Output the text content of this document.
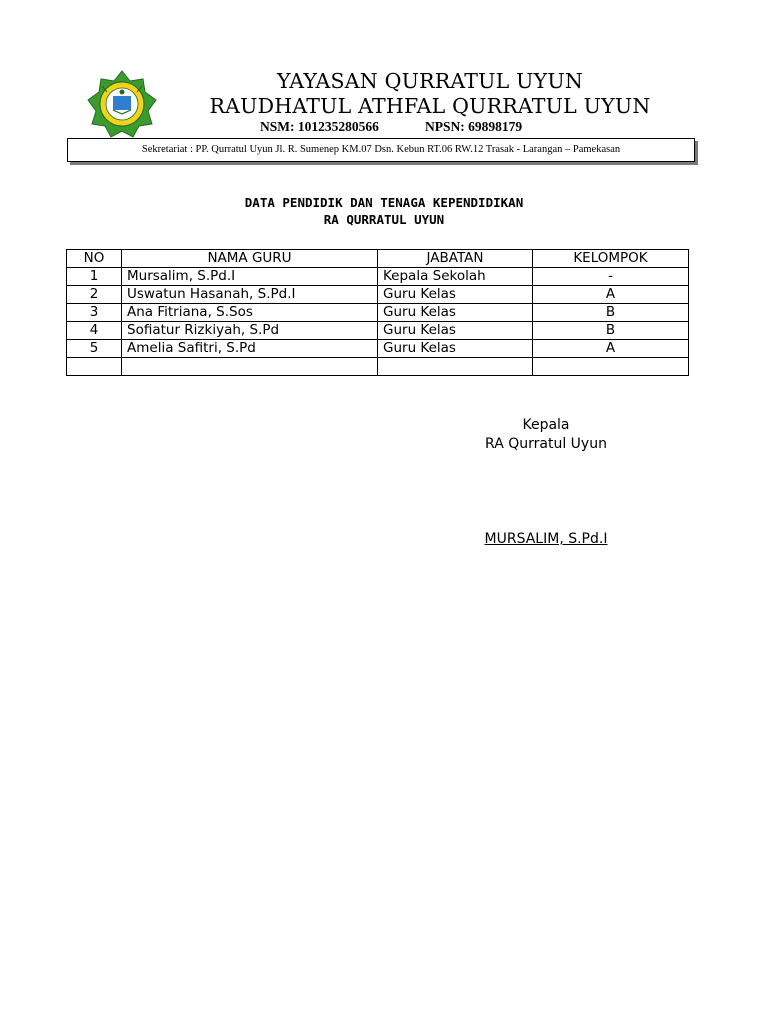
YAYASAN QURRATUL UYUN
RAUDHATUL ATHFAL QURRATUL UYUN
NSM: 101235280566	NPSN: 69898179
Sekretariat : PP. Qurratul Uyun Jl. R. Sumenep KM.07 Dsn. Kebun RT.06 RW.12 Trasak - Larangan – Pamekasan
DATA PENDIDIK DAN TENAGA KEPENDIDIKAN
RA QURRATUL UYUN
NO	NAMA GURU	JABATAN	KELOMPOK
1	Mursalim, S.Pd.I	Kepala Sekolah	-
2	Uswatun Hasanah, S.Pd.I	Guru Kelas	A
3	Ana Fitriana, S.Sos	Guru Kelas	B
4	Sofiatur Rizkiyah, S.Pd	Guru Kelas	B
5	Amelia Safitri, S.Pd	Guru Kelas	A

Kepala
RA Qurratul Uyun
MURSALIM, S.Pd.I
